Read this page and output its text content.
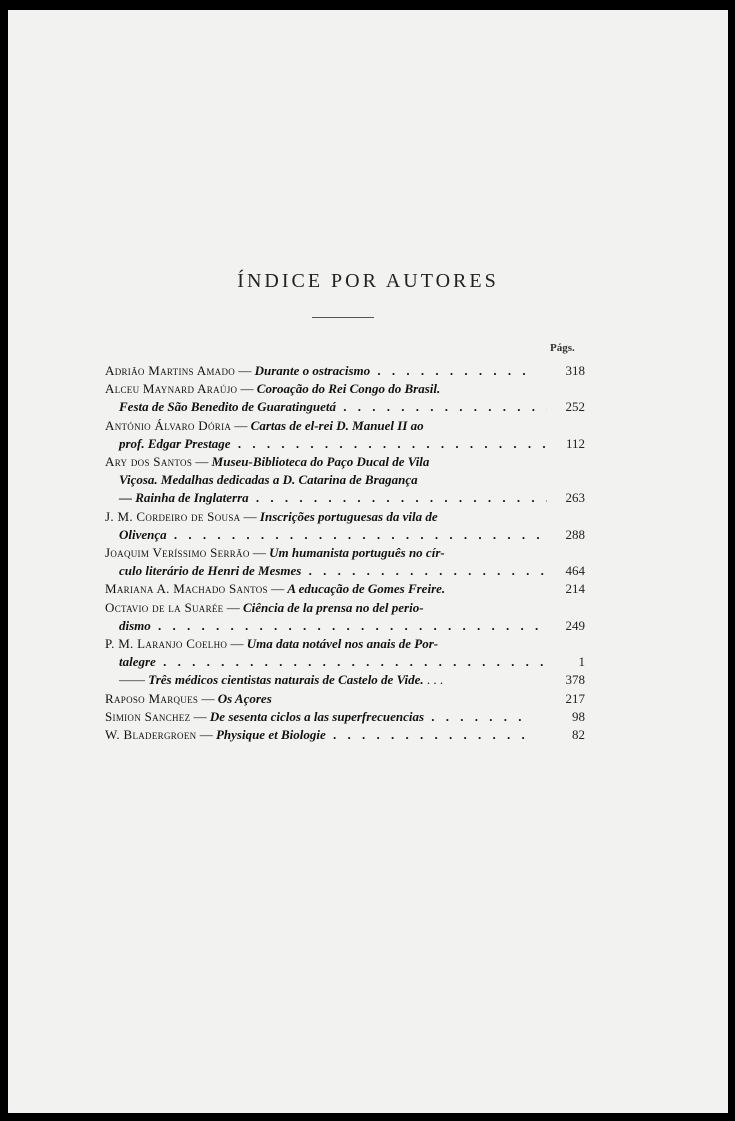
ÍNDICE POR AUTORES
Págs.
Adrião Martins Amado — Durante o ostracismo . . .	318
Alceu Maynard Araújo — Coroação do Rei Congo do Brasil.
Festa de São Benedito de Guaratinguetá . . .	252
António Álvaro Dória — Cartas de el-rei D. Manuel II ao
prof. Edgar Prestage . . .	112
Ary dos Santos — Museu-Biblioteca do Paço Ducal de Vila
Viçosa. Medalhas dedicadas a D. Catarina de Bragança
— Rainha de Inglaterra . . .	263
J. M. Cordeiro de Sousa — Inscrições portuguesas da vila de
Olivença . . .	288
Joaquim Veríssimo Serrão — Um humanista português no cír-
culo literário de Henri de Mesmes . . .	464
Mariana A. Machado Santos — A educação de Gomes Freire.	214
Octavio de la Suarée — Ciência de la prensa no del perio-
dismo . . .	249
P. M. Laranjo Coelho — Uma data notável nos anais de Por-
talegre . . .	1
—— Três médicos cientistas naturais de Castelo de Vide. . . .	378
Raposo Marques — Os Açores	217
Simion Sanchez — De sesenta ciclos a las superfrecuencias . . .	98
W. Bladergroen — Physique et Biologie . . .	82
